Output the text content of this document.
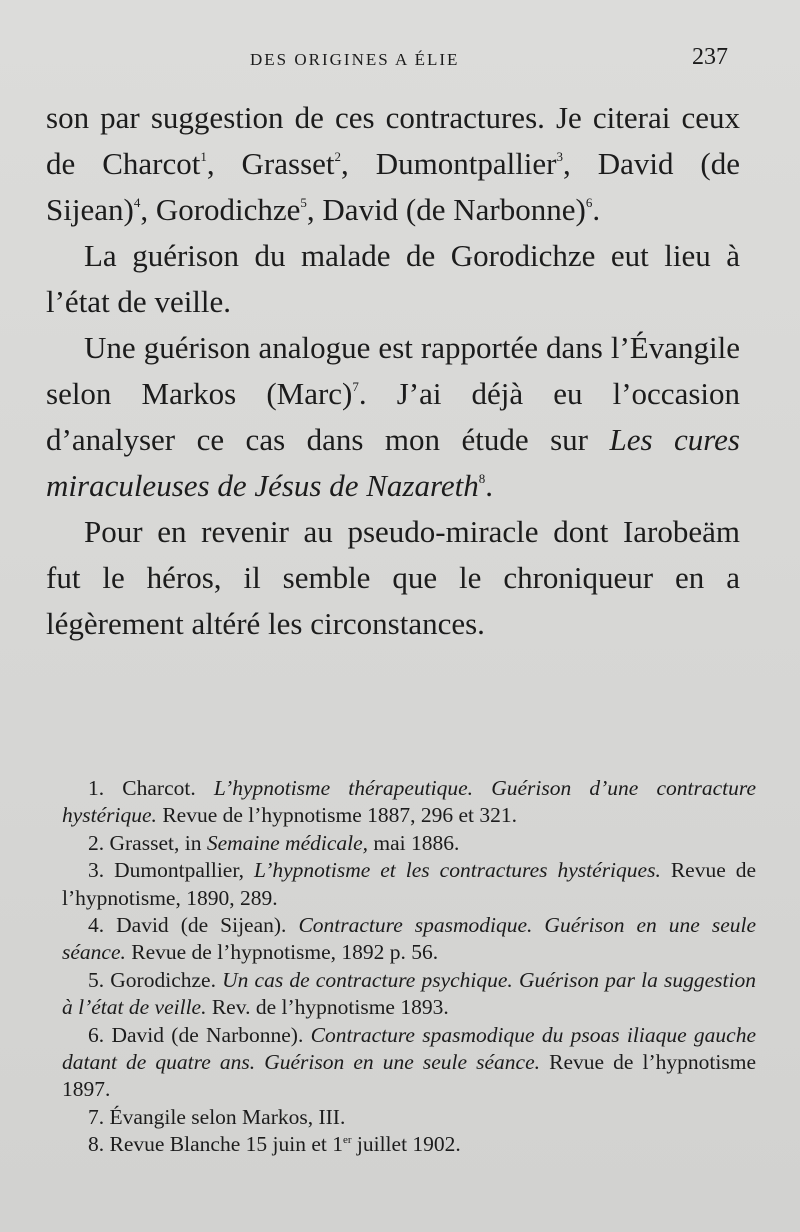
DES ORIGINES A ÉLIE	237

son par suggestion de ces contractures. Je citerai ceux de Charcot$^1$, Grasset$^2$, Dumontpallier$^3$, David (de Sijean)$^4$, Gorodichze$^5$, David (de Narbonne)$^6$.

La guérison du malade de Gorodichze eut lieu à l’état de veille.

Une guérison analogue est rapportée dans l’Évangile selon Markos (Marc)$^7$. J’ai déjà eu l’occasion d’analyser ce cas dans mon étude sur Les cures miraculeuses de Jésus de Nazareth$^8$.

Pour en revenir au pseudo-miracle dont Iarobeäm fut le héros, il semble que le chroniqueur en a légèrement altéré les circonstances.

1. Charcot. L’hypnotisme thérapeutique. Guérison d’une contracture hystérique. Revue de l’hypnotisme 1887, 296 et 321.

2. Grasset, in Semaine médicale, mai 1886.

3. Dumontpallier, L’hypnotisme et les contractures hystériques. Revue de l’hypnotisme, 1890, 289.

4. David (de Sijean). Contracture spasmodique. Guérison en une seule séance. Revue de l’hypnotisme, 1892 p. 56.

5. Gorodichze. Un cas de contracture psychique. Guérison par la suggestion à l’état de veille. Rev. de l’hypnotisme 1893.

6. David (de Narbonne). Contracture spasmodique du psoas iliaque gauche datant de quatre ans. Guérison en une seule séance. Revue de l’hypnotisme 1897.

7. Évangile selon Markos, III.

8. Revue Blanche 15 juin et 1er juillet 1902.
